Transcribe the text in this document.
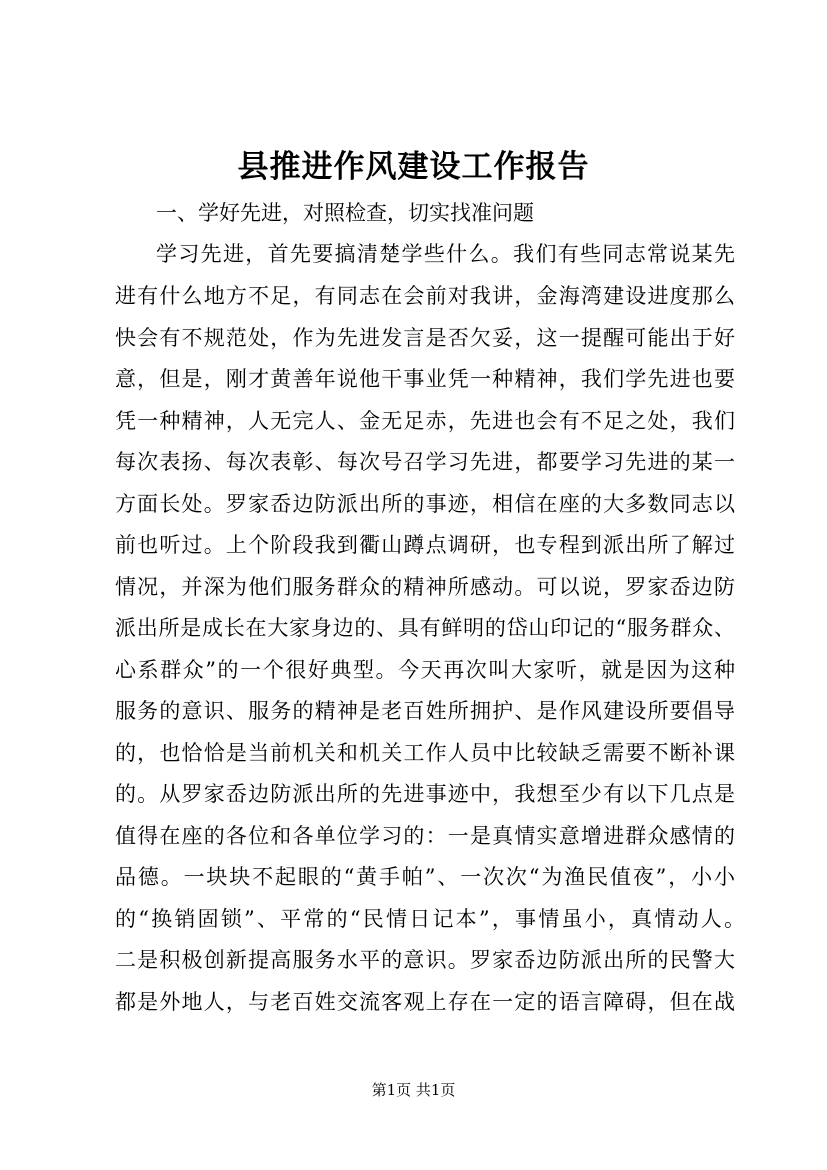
县推进作风建设工作报告
一、学好先进，对照检查，切实找准问题
学习先进，首先要搞清楚学些什么。我们有些同志常说某先
进有什么地方不足，有同志在会前对我讲，金海湾建设进度那么
快会有不规范处，作为先进发言是否欠妥，这一提醒可能出于好
意，但是，刚才黄善年说他干事业凭一种精神，我们学先进也要
凭一种精神，人无完人、金无足赤，先进也会有不足之处，我们
每次表扬、每次表彰、每次号召学习先进，都要学习先进的某一
方面长处。罗家岙边防派出所的事迹，相信在座的大多数同志以
前也听过。上个阶段我到衢山蹲点调研，也专程到派出所了解过
情况，并深为他们服务群众的精神所感动。可以说，罗家岙边防
派出所是成长在大家身边的、具有鲜明的岱山印记的“服务群众、
心系群众”的一个很好典型。今天再次叫大家听，就是因为这种
服务的意识、服务的精神是老百姓所拥护、是作风建设所要倡导
的，也恰恰是当前机关和机关工作人员中比较缺乏需要不断补课
的。从罗家岙边防派出所的先进事迹中，我想至少有以下几点是
值得在座的各位和各单位学习的：一是真情实意增进群众感情的
品德。一块块不起眼的“黄手帕”、一次次“为渔民值夜”，小小
的“换销固锁”、平常的“民情日记本”，事情虽小，真情动人。
二是积极创新提高服务水平的意识。罗家岙边防派出所的民警大
都是外地人，与老百姓交流客观上存在一定的语言障碍，但在战
第1页 共1页
